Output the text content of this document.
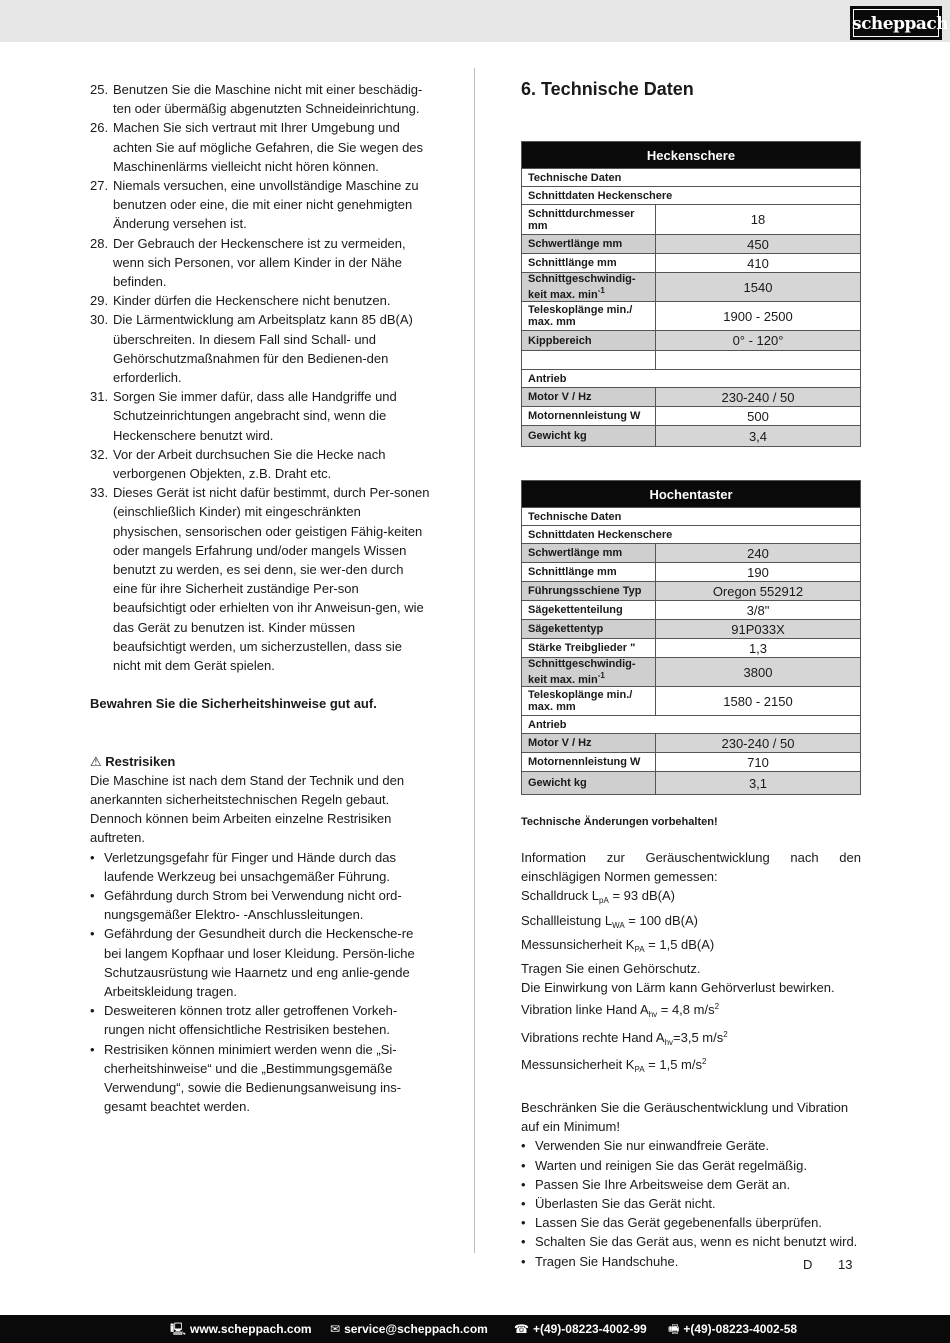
scheppach
25. Benutzen Sie die Maschine nicht mit einer beschädig-ten oder übermäßig abgenutzten Schneideinrichtung.
26. Machen Sie sich vertraut mit Ihrer Umgebung und achten Sie auf mögliche Gefahren, die Sie wegen des Maschinenlärms vielleicht nicht hören können.
27. Niemals versuchen, eine unvollständige Maschine zu benutzen oder eine, die mit einer nicht genehmigten Änderung versehen ist.
28. Der Gebrauch der Heckenschere ist zu vermeiden, wenn sich Personen, vor allem Kinder in der Nähe befinden.
29. Kinder dürfen die Heckenschere nicht benutzen.
30. Die Lärmentwicklung am Arbeitsplatz kann 85 dB(A) überschreiten. In diesem Fall sind Schall- und Gehörschutzmaßnahmen für den Bedienen-den erforderlich.
31. Sorgen Sie immer dafür, dass alle Handgriffe und Schutzeinrichtungen angebracht sind, wenn die Heckenschere benutzt wird.
32. Vor der Arbeit durchsuchen Sie die Hecke nach verborgenen Objekten, z.B. Draht etc.
33. Dieses Gerät ist nicht dafür bestimmt, durch Per-sonen (einschließlich Kinder) mit eingeschränkten physischen, sensorischen oder geistigen Fähig-keiten oder mangels Erfahrung und/oder mangels Wissen benutzt zu werden, es sei denn, sie wer-den durch eine für ihre Sicherheit zuständige Per-son beaufsichtigt oder erhielten von ihr Anweisun-gen, wie das Gerät zu benutzen ist. Kinder müssen beaufsichtigt werden, um sicherzustellen, dass sie nicht mit dem Gerät spielen.
Bewahren Sie die Sicherheitshinweise gut auf.
⚠ Restrisiken
Die Maschine ist nach dem Stand der Technik und den anerkannten sicherheitstechnischen Regeln gebaut. Dennoch können beim Arbeiten einzelne Restrisiken auftreten.
• Verletzungsgefahr für Finger und Hände durch das laufende Werkzeug bei unsachgemäßer Führung.
• Gefährdung durch Strom bei Verwendung nicht ord-nungsgemäßer Elektro- -Anschlussleitungen.
• Gefährdung der Gesundheit durch die Heckensche-re bei langem Kopfhaar und loser Kleidung. Persön-liche Schutzausrüstung wie Haarnetz und eng anlie-gende Arbeitskleidung tragen.
• Desweiteren können trotz aller getroffenen Vorkeh-rungen nicht offensichtliche Restrisiken bestehen.
• Restrisiken können minimiert werden wenn die „Si-cherheitshinweise“ und die „Bestimmungsgemäße Verwendung“, sowie die Bedienungsanweisung ins-gesamt beachtet werden.
6. Technische Daten
Heckenschere	
Technische Daten	
Schnittdaten Heckenschere	
Schnittdurchmesser mm	18
Schwertlänge mm	450
Schnittlänge mm	410
Schnittgeschwindig-keit max. $\min^{-1}$	1540
Teleskoplänge min./ max. mm	1900 - 2500
Kippbereich	0° - 120°

Antrieb	
Motor V / Hz	230-240 / 50
Motornennleistung W	500
Gewicht kg	3,4
Hochentaster	
Technische Daten	
Schnittdaten Heckenschere	
Schwertlänge mm	240
Schnittlänge mm	190
Führungsschiene Typ	Oregon 552912
Sägekettenteilung	3/8"
Sägekettentyp	91P033X
Stärke Treibglieder "	1,3
Schnittgeschwindig-keit max. $\min^{-1}$	3800
Teleskoplänge min./ max. mm	1580 - 2150
Antrieb	
Motor V / Hz	230-240 / 50
Motornennleistung W	710
Gewicht kg	3,1
Technische Änderungen vorbehalten!
Information zur Geräuschentwicklung nach den einschlägigen Normen gemessen:
Schalldruck $L_{pA} = 93$ dB(A)
Schallleistung $L_{WA} = 100$ dB(A)
Messunsicherheit $K_{PA} = 1,5$ dB(A)
Tragen Sie einen Gehörschutz.
Die Einwirkung von Lärm kann Gehörverlust bewirken.
Vibration linke Hand $A_{hv} = 4,8$ $m/s^2$
Vibrations rechte Hand $A_{hv}=3,5$ $m/s^2$
Messunsicherheit $K_{PA} = 1,5$ $m/s^2$
Beschränken Sie die Geräuschentwicklung und Vibration auf ein Minimum!
• Verwenden Sie nur einwandfreie Geräte.
• Warten und reinigen Sie das Gerät regelmäßig.
• Passen Sie Ihre Arbeitsweise dem Gerät an.
• Überlasten Sie das Gerät nicht.
• Lassen Sie das Gerät gegebenenfalls überprüfen.
• Schalten Sie das Gerät aus, wenn es nicht benutzt wird.
• Tragen Sie Handschuhe.	D 13
🖳 www.scheppach.com ✉ service@scheppach.com ☎ +(49)-08223-4002-99 🖷 +(49)-08223-4002-58
